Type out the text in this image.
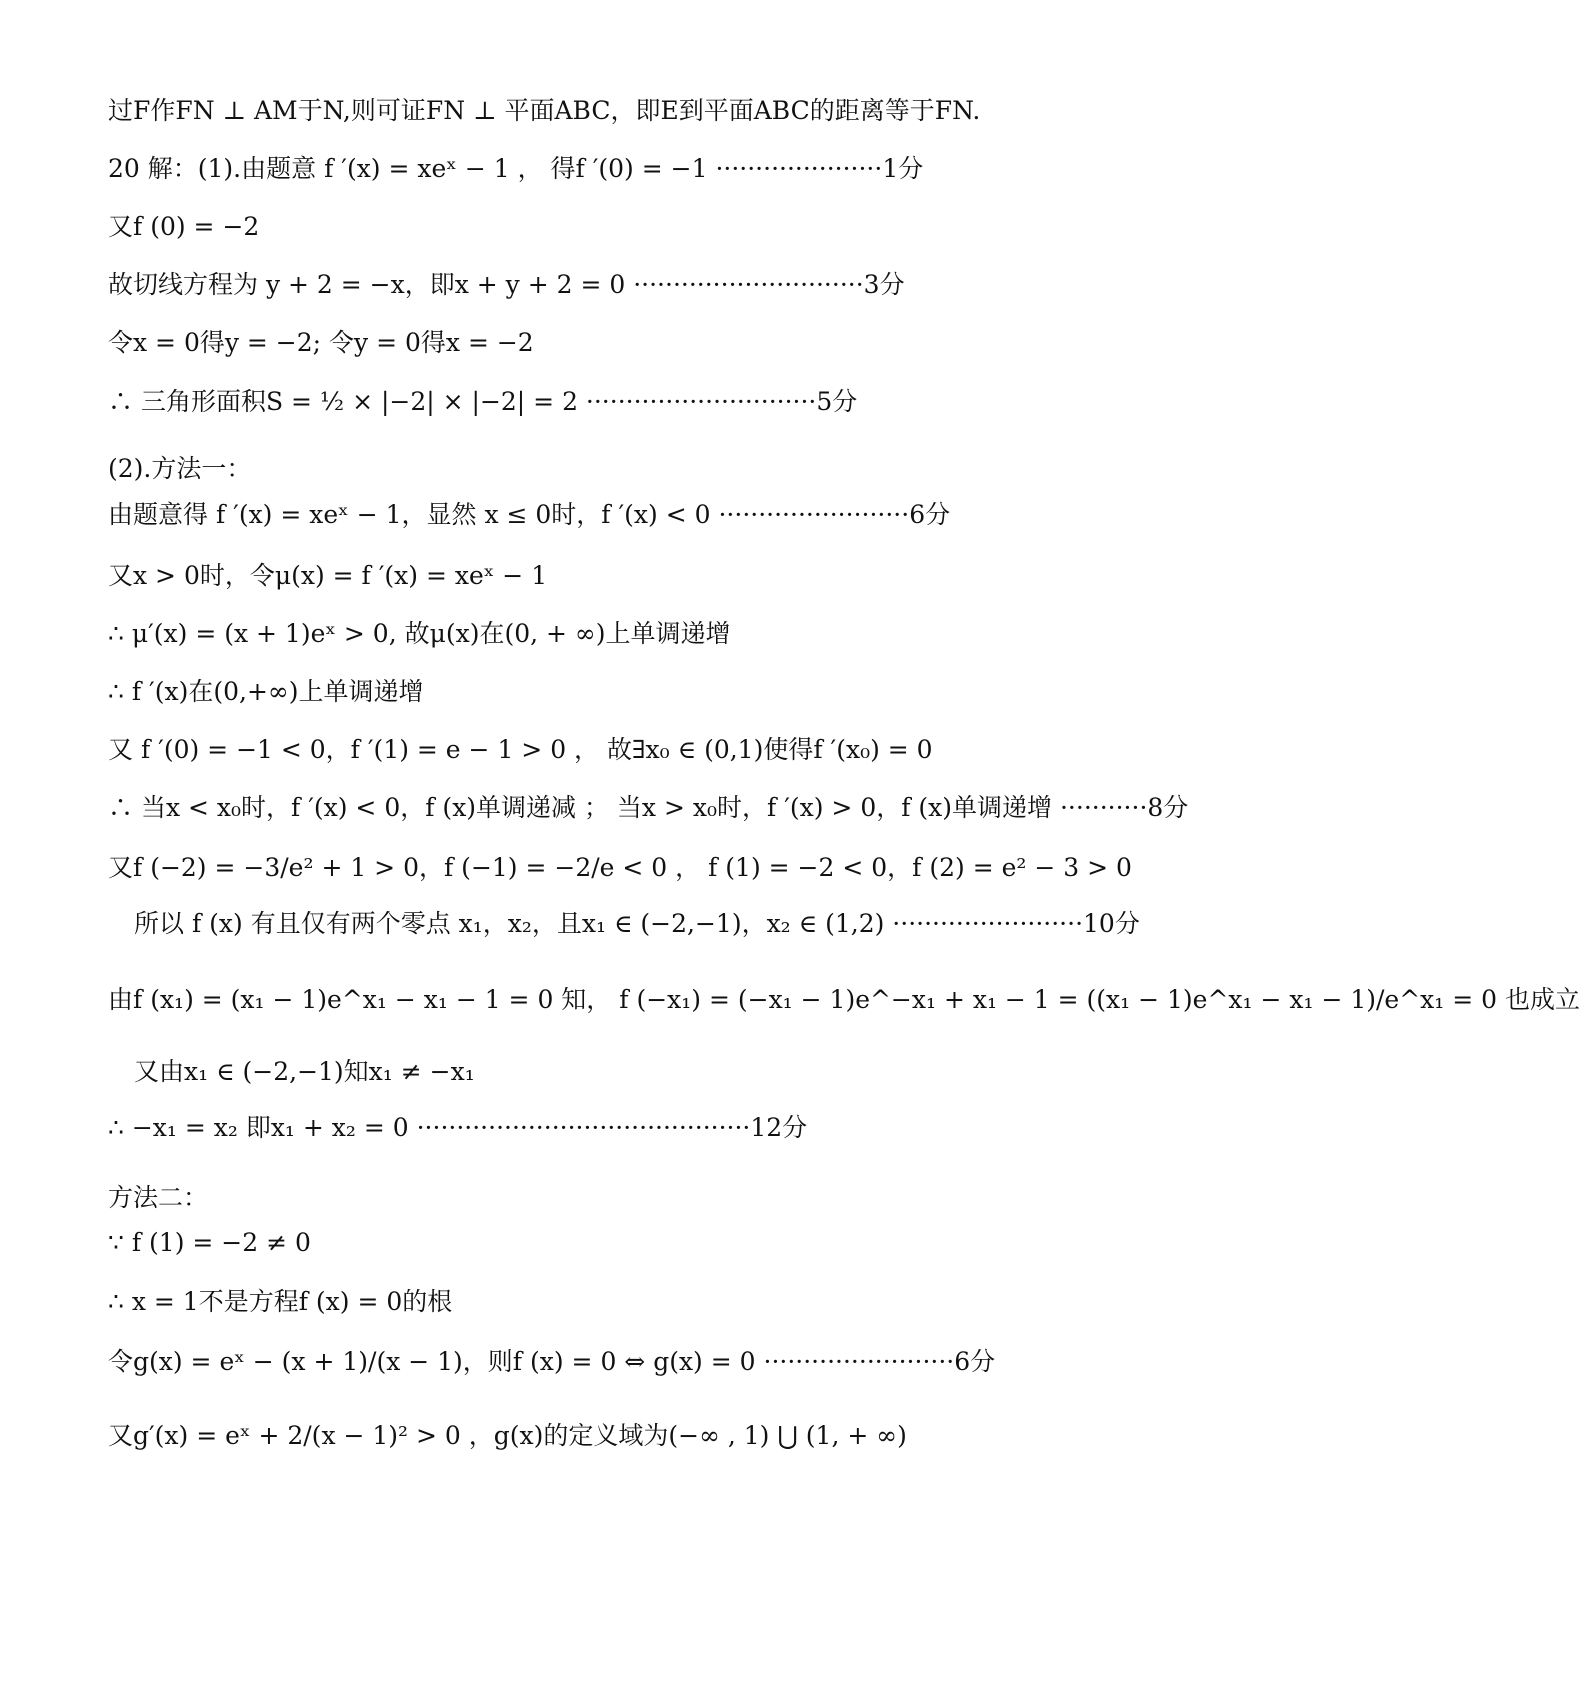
过F作FN ⊥ AM于N,则可证FN ⊥ 平面ABC，即E到平面ABC的距离等于FN.
20 解：(1).由题意 f ′(x) = xeˣ − 1 ， 得f ′(0) = −1 ·····················1分
又f (0) = −2
故切线方程为 y + 2 = −x，即x + y + 2 = 0 ·····························3分
令x = 0得y = −2; 令y = 0得x = −2
∴ 三角形面积S = ½ × |−2| × |−2| = 2 ·····························5分
(2).方法一：
由题意得 f ′(x) = xeˣ − 1，显然 x ≤ 0时，f ′(x) < 0 ························6分
又x > 0时，令μ(x) = f ′(x) = xeˣ − 1
∴ μ′(x) = (x + 1)eˣ > 0, 故μ(x)在(0, + ∞)上单调递增
∴ f ′(x)在(0,+∞)上单调递增
又 f ′(0) = −1 < 0，f ′(1) = e − 1 > 0 ， 故∃x₀ ∈ (0,1)使得f ′(x₀) = 0
∴ 当x < x₀时，f ′(x) < 0，f (x)单调递减 ； 当x > x₀时，f ′(x) > 0，f (x)单调递增 ···········8分
又f (−2) = −3/e² + 1 > 0，f (−1) = −2/e < 0 ， f (1) = −2 < 0，f (2) = e² − 3 > 0
所以 f (x) 有且仅有两个零点 x₁，x₂，且x₁ ∈ (−2,−1)，x₂ ∈ (1,2) ························10分
由f (x₁) = (x₁ − 1)e^x₁ − x₁ − 1 = 0 知， f (−x₁) = (−x₁ − 1)e^−x₁ + x₁ − 1 = ((x₁ − 1)e^x₁ − x₁ − 1)/e^x₁ = 0 也成立
又由x₁ ∈ (−2,−1)知x₁ ≠ −x₁
∴ −x₁ = x₂ 即x₁ + x₂ = 0 ··········································12分
方法二：
∵ f (1) = −2 ≠ 0
∴ x = 1不是方程f (x) = 0的根
令g(x) = eˣ − (x + 1)/(x − 1)，则f (x) = 0 ⇔ g(x) = 0 ························6分
又g′(x) = eˣ + 2/(x − 1)² > 0 ，g(x)的定义域为(−∞ , 1) ⋃ (1, + ∞)
